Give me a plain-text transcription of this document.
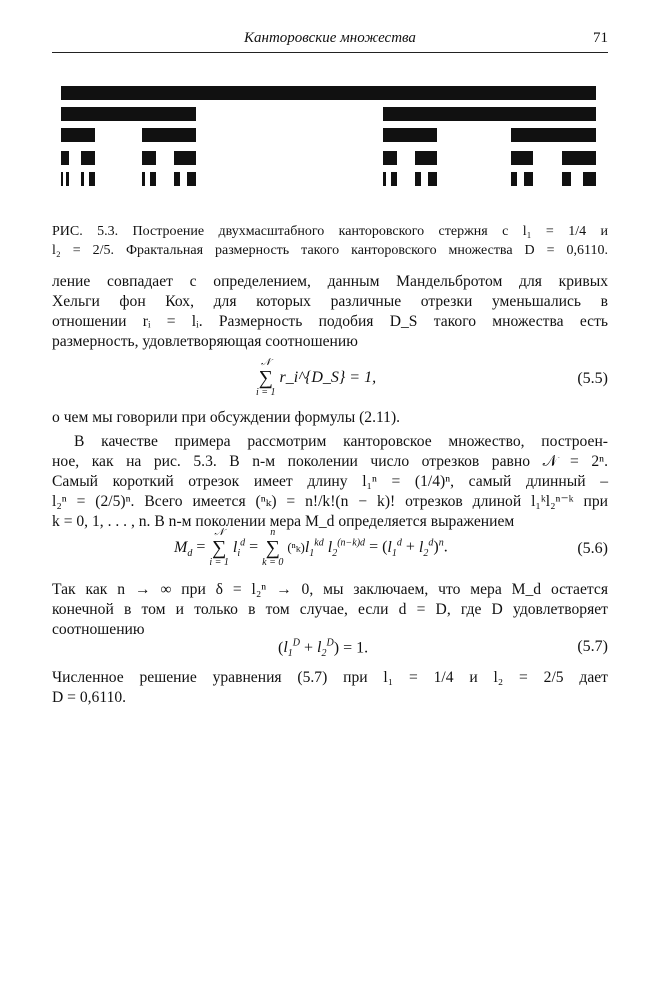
Канторовские множества	71
РИС. 5.3. Построение двухмасштабного канторовского стержня с l₁ = 1/4 и
l₂ = 2/5. Фрактальная размерность такого канторовского множества D = 0,6110.
ление совпадает с определением, данным Мандельбротом для кривых
Хельги фон Кох, для которых различные отрезки уменьшались в
отношении rᵢ = lᵢ. Размерность подобия D_S такого множества есть
размерность, удовлетворяющая соотношению
𝒩
∑
i = 1
r_i^{D_S} = 1,	(5.5)
о чем мы говорили при обсуждении формулы (2.11).
В качестве примера рассмотрим канторовское множество, построен-
ное, как на рис. 5.3. В n-м поколении число отрезков равно 𝒩 = 2ⁿ.
Самый короткий отрезок имеет длину l₁ⁿ = (1/4)ⁿ, самый длинный –
l₂ⁿ = (2/5)ⁿ. Всего имеется (ⁿₖ) = n!/k!(n − k)! отрезков длиной l₁ᵏl₂ⁿ⁻ᵏ при
k = 0, 1, . . . , n. В n-м поколении мера M_d определяется выражением
$M_d$ =
𝒩
∑
i = 1
$l_i^d$ =
n
∑
k = 0
$(^n_k)l_1^{kd}$ $l_2^{(n-k)d} = (l_1^d + l_2^d)^n$.	(5.6)
Так как n → ∞ при δ = l₂ⁿ → 0, мы заключаем, что мера M_d остается
конечной в том и только в том случае, если d = D, где D удовлетворяет
соотношению
$(l_1^D + l_2^D) = 1$.	(5.7)
Численное решение уравнения (5.7) при l₁ = 1/4 и l₂ = 2/5 дает
D = 0,6110.
